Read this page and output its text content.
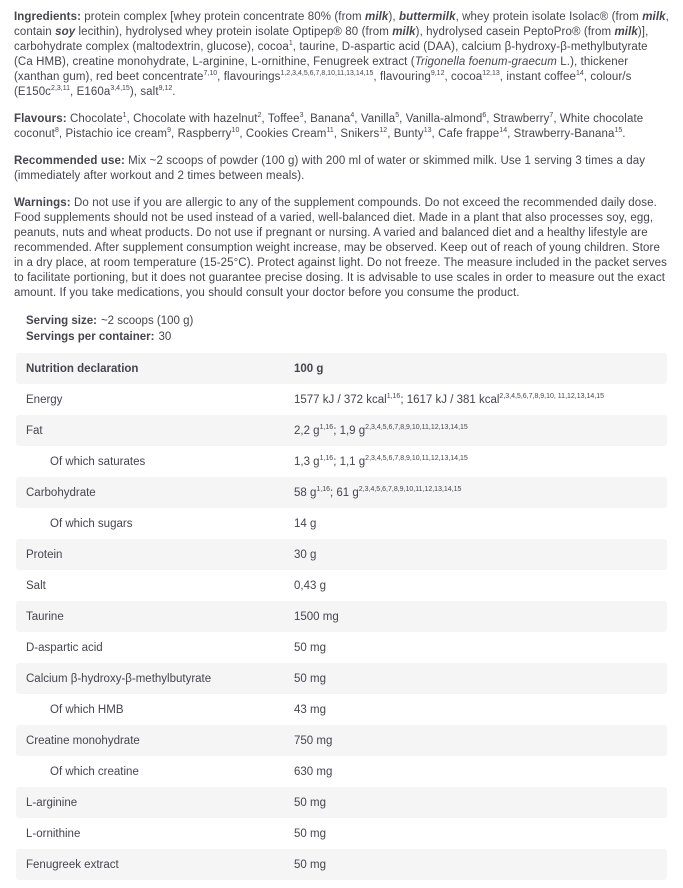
Ingredients: protein complex [whey protein concentrate 80% (from milk), buttermilk, whey protein isolate Isolac® (from milk, contain soy lecithin), hydrolysed whey protein isolate Optipep® 80 (from milk), hydrolysed casein PeptoPro® (from milk)], carbohydrate complex (maltodextrin, glucose), cocoa$^1$, taurine, D-aspartic acid (DAA), calcium β-hydroxy-β-methylbutyrate (Ca HMB), creatine monohydrate, L-arginine, L-ornithine, Fenugreek extract (Trigonella foenum-graecum L.), thickener (xanthan gum), red beet concentrate$^{7,10}$, flavourings$^{1,2,3,4,5,6,7,8,10,11,13,14,15}$, flavouring$^{9,12}$, cocoa$^{12,13}$, instant coffee$^{14}$, colour/s ($E150c^{2,3,11}$, $E160a^{3,4,15}$), salt$^{9,12}$.

Flavours: Chocolate$^1$, Chocolate with hazelnut$^2$, Toffee$^3$, Banana$^4$, Vanilla$^5$, Vanilla-almond$^6$, Strawberry$^7$, White chocolate coconut$^8$, Pistachio ice cream$^9$, Raspberry$^{10}$, Cookies Cream$^{11}$, Snikers$^{12}$, Bunty$^{13}$, Cafe frappe$^{14}$, Strawberry-Banana$^{15}$.

Recommended use: Mix ~2 scoops of powder (100 g) with 200 ml of water or skimmed milk. Use 1 serving 3 times a day (immediately after workout and 2 times between meals).

Warnings: Do not use if you are allergic to any of the supplement compounds. Do not exceed the recommended daily dose. Food supplements should not be used instead of a varied, well-balanced diet. Made in a plant that also processes soy, egg, peanuts, nuts and wheat products. Do not use if pregnant or nursing. A varied and balanced diet and a healthy lifestyle are recommended. After supplement consumption weight increase, may be observed. Keep out of reach of young children. Store in a dry place, at room temperature (15-25°C). Protect against light. Do not freeze. The measure included in the packet serves to facilitate portioning, but it does not guarantee precise dosing. It is advisable to use scales in order to measure out the exact amount. If you take medications, you should consult your doctor before you consume the product.

Serving size: ~2 scoops (100 g)
Servings per container: 30
Nutrition declaration	100 g
Energy	1577 kJ / 372 kcal$^{1,16}$; 1617 kJ / 381 kcal$^{2,3,4,5,6,7,8,9,10, 11,12,13,14,15}$
Fat	2,2 $g^{1,16}$; 1,9 $g^{2,3,4,5,6,7,8,9,10,11,12,13,14,15}$
Of which saturates	1,3 $g^{1,16}$; 1,1 $g^{2,3,4,5,6,7,8,9,10,11,12,13,14,15}$
Carbohydrate	58 $g^{1,16}$; 61 $g^{2,3,4,5,6,7,8,9,10,11,12,13,14,15}$
Of which sugars	14 g
Protein	30 g
Salt	0,43 g
Taurine	1500 mg
D-aspartic acid	50 mg
Calcium β-hydroxy-β-methylbutyrate	50 mg
Of which HMB	43 mg
Creatine monohydrate	750 mg
Of which creatine	630 mg
L-arginine	50 mg
L-ornithine	50 mg
Fenugreek extract	50 mg
